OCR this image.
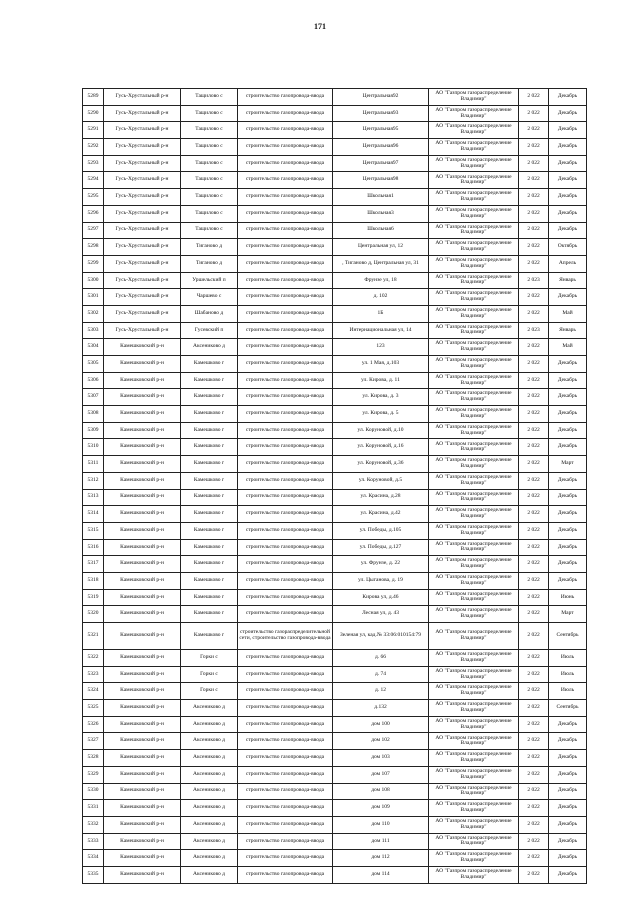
171
5289	Гусь-Хрустальный р-н	Тащилово с	строительство газопровода-ввода	Центральная92	АО "Газпром газораспределение Владимир"	2 022	Декабрь
5290	Гусь-Хрустальный р-н	Тащилово с	строительство газопровода-ввода	Центральная93	АО "Газпром газораспределение Владимир"	2 022	Декабрь
5291	Гусь-Хрустальный р-н	Тащилово с	строительство газопровода-ввода	Центральная95	АО "Газпром газораспределение Владимир"	2 022	Декабрь
5292	Гусь-Хрустальный р-н	Тащилово с	строительство газопровода-ввода	Центральная96	АО "Газпром газораспределение Владимир"	2 022	Декабрь
5293	Гусь-Хрустальный р-н	Тащилово с	строительство газопровода-ввода	Центральная97	АО "Газпром газораспределение Владимир"	2 022	Декабрь
5294	Гусь-Хрустальный р-н	Тащилово с	строительство газопровода-ввода	Центральная98	АО "Газпром газораспределение Владимир"	2 022	Декабрь
5295	Гусь-Хрустальный р-н	Тащилово с	строительство газопровода-ввода	Школьная1	АО "Газпром газораспределение Владимир"	2 022	Декабрь
5296	Гусь-Хрустальный р-н	Тащилово с	строительство газопровода-ввода	Школьная3	АО "Газпром газораспределение Владимир"	2 022	Декабрь
5297	Гусь-Хрустальный р-н	Тащилово с	строительство газопровода-ввода	Школьная6	АО "Газпром газораспределение Владимир"	2 022	Декабрь
5298	Гусь-Хрустальный р-н	Тиганово д	строительство газопровода-ввода	Центральная ул, 12	АО "Газпром газораспределение Владимир"	2 022	Октябрь
5299	Гусь-Хрустальный р-н	Тиганово д	строительство газопровода-ввода	, Тиганово д, Центральная ул, 31	АО "Газпром газораспределение Владимир"	2 022	Апрель
5300	Гусь-Хрустальный р-н	Уршельский п	строительство газопровода-ввода	Фрунзе ул, 18	АО "Газпром газораспределение Владимир"	2 023	Январь
5301	Гусь-Хрустальный р-н	Чаршево с	строительство газопровода-ввода	д. 102	АО "Газпром газораспределение Владимир"	2 022	Декабрь
5302	Гусь-Хрустальный р-н	Шабаново д	строительство газопровода-ввода	1Б	АО "Газпром газораспределение Владимир"	2 022	Май
5303	Гусь-Хрустальный р-н	Гусевский п	строительство газопровода-ввода	Интернациональная ул, 14	АО "Газпром газораспределение Владимир"	2 023	Январь
5304	Камешковский р-н	Аксениково д	строительство газопровода-ввода	123	АО "Газпром газораспределение Владимир"	2 022	Май
5305	Камешковский р-н	Камешково г	строительство газопровода-ввода	ул. 1 Мая, д.103	АО "Газпром газораспределение Владимир"	2 022	Декабрь
5306	Камешковский р-н	Камешково г	строительство газопровода-ввода	ул. Кирова, д. 11	АО "Газпром газораспределение Владимир"	2 022	Декабрь
5307	Камешковский р-н	Камешково г	строительство газопровода-ввода	ул. Кирова, д. 3	АО "Газпром газораспределение Владимир"	2 022	Декабрь
5308	Камешковский р-н	Камешково г	строительство газопровода-ввода	ул. Кирова, д. 5	АО "Газпром газораспределение Владимир"	2 022	Декабрь
5309	Камешковский р-н	Камешково г	строительство газопровода-ввода	ул. Коруновой, д.10	АО "Газпром газораспределение Владимир"	2 022	Декабрь
5310	Камешковский р-н	Камешково г	строительство газопровода-ввода	ул. Коруновой, д.16	АО "Газпром газораспределение Владимир"	2 022	Декабрь
5311	Камешковский р-н	Камешково г	строительство газопровода-ввода	ул. Коруновой, д.36	АО "Газпром газораспределение Владимир"	2 022	Март
5312	Камешковский р-н	Камешково г	строительство газопровода-ввода	ул. Коруновой, д.5	АО "Газпром газораспределение Владимир"	2 022	Декабрь
5313	Камешковский р-н	Камешково г	строительство газопровода-ввода	ул. Красина, д.28	АО "Газпром газораспределение Владимир"	2 022	Декабрь
5314	Камешковский р-н	Камешково г	строительство газопровода-ввода	ул. Красина, д.42	АО "Газпром газораспределение Владимир"	2 022	Декабрь
5315	Камешковский р-н	Камешково г	строительство газопровода-ввода	ул. Победы, д.105	АО "Газпром газораспределение Владимир"	2 022	Декабрь
5316	Камешковский р-н	Камешково г	строительство газопровода-ввода	ул. Победы, д.127	АО "Газпром газораспределение Владимир"	2 022	Декабрь
5317	Камешковский р-н	Камешково г	строительство газопровода-ввода	ул. Фрунзе, д. 22	АО "Газпром газораспределение Владимир"	2 022	Декабрь
5318	Камешковский р-н	Камешково г	строительство газопровода-ввода	ул. Цыганова, д. 19	АО "Газпром газораспределение Владимир"	2 022	Декабрь
5319	Камешковский р-н	Камешково г	строительство газопровода-ввода	Кирова ул, д.46	АО "Газпром газораспределение Владимир"	2 022	Июнь
5320	Камешковский р-н	Камешково г	строительство газопровода-ввода	Лесная ул, д. 43	АО "Газпром газораспределение Владимир"	2 022	Март
5321	Камешковский р-н	Камешково г	строительство газораспределительной сети, строительство газопровода-ввода	Зеленая ул, кад.№ 33:06:010154:79	АО "Газпром газораспределение Владимир"	2 022	Сентябрь
5322	Камешковский р-н	Горки с	строительство газопровода-ввода	д. 66	АО "Газпром газораспределение Владимир"	2 022	Июль
5323	Камешковский р-н	Горки с	строительство газопровода-ввода	д. 74	АО "Газпром газораспределение Владимир"	2 022	Июль
5324	Камешковский р-н	Горки с	строительство газопровода-ввода	д. 12	АО "Газпром газораспределение Владимир"	2 022	Июль
5325	Камешковский р-н	Аксениково д	строительство газопровода-ввода	д.132	АО "Газпром газораспределение Владимир"	2 022	Сентябрь
5326	Камешковский р-н	Аксениково д	строительство газопровода-ввода	дом 100	АО "Газпром газораспределение Владимир"	2 022	Декабрь
5327	Камешковский р-н	Аксениково д	строительство газопровода-ввода	дом 102	АО "Газпром газораспределение Владимир"	2 022	Декабрь
5328	Камешковский р-н	Аксениково д	строительство газопровода-ввода	дом 103	АО "Газпром газораспределение Владимир"	2 022	Декабрь
5329	Камешковский р-н	Аксениково д	строительство газопровода-ввода	дом 107	АО "Газпром газораспределение Владимир"	2 022	Декабрь
5330	Камешковский р-н	Аксениково д	строительство газопровода-ввода	дом 108	АО "Газпром газораспределение Владимир"	2 022	Декабрь
5331	Камешковский р-н	Аксениково д	строительство газопровода-ввода	дом 109	АО "Газпром газораспределение Владимир"	2 022	Декабрь
5332	Камешковский р-н	Аксениково д	строительство газопровода-ввода	дом 110	АО "Газпром газораспределение Владимир"	2 022	Декабрь
5333	Камешковский р-н	Аксениково д	строительство газопровода-ввода	дом 111	АО "Газпром газораспределение Владимир"	2 022	Декабрь
5334	Камешковский р-н	Аксениково д	строительство газопровода-ввода	дом 112	АО "Газпром газораспределение Владимир"	2 022	Декабрь
5335	Камешковский р-н	Аксениково д	строительство газопровода-ввода	дом 114	АО "Газпром газораспределение Владимир"	2 022	Декабрь
